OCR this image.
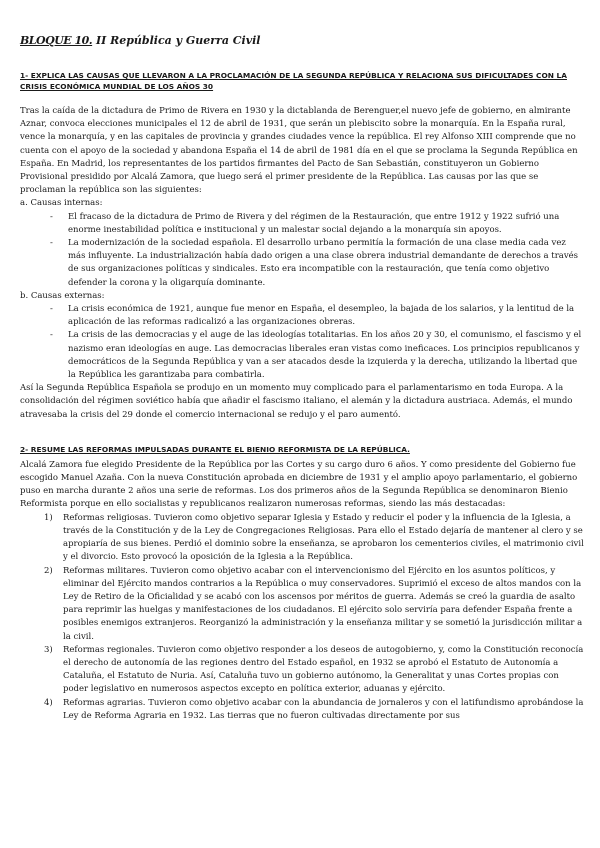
BLOQUE 10. II República y Guerra Civil
1- EXPLICA LAS CAUSAS QUE LLEVARON A LA PROCLAMACIÓN DE LA SEGUNDA REPÚBLICA Y RELACIONA SUS DIFICULTADES CON LA CRISIS ECONÓMICA MUNDIAL DE LOS AÑOS 30

Tras la caída de la dictadura de Primo de Rivera en 1930 y la dictablanda de Berenguer,el nuevo jefe de gobierno, en almirante Aznar, convoca elecciones municipales el 12 de abril de 1931, que serán un plebiscito sobre la monarquía. En la España rural, vence la monarquía, y en las capitales de provincia y grandes ciudades vence la república. El rey Alfonso XIII comprende que no cuenta con el apoyo de la sociedad y abandona España el 14 de abril de 1981 día en el que se proclama la Segunda República en España. En Madrid, los representantes de los partidos firmantes del Pacto de San Sebastián, constituyeron un Gobierno Provisional presidido por Alcalá Zamora, que luego será el primer presidente de la República. Las causas por las que se proclaman la república son las siguientes:

a. Causas internas:

- El fracaso de la dictadura de Primo de Rivera y del régimen de la Restauración, que entre 1912 y 1922 sufrió una enorme inestabilidad política e institucional y un malestar social dejando a la monarquía sin apoyos.
- La modernización de la sociedad española. El desarrollo urbano permitía la formación de una clase media cada vez más influyente. La industrialización había dado origen a una clase obrera industrial demandante de derechos a través de sus organizaciones políticas y sindicales. Esto era incompatible con la restauración, que tenía como objetivo defender la corona y la oligarquía dominante.

b. Causas externas:

- La crisis económica de 1921, aunque fue menor en España, el desempleo, la bajada de los salarios, y la lentitud de la aplicación de las reformas radicalizó a las organizaciones obreras.
- La crisis de las democracias y el auge de las ideologías totalitarias. En los años 20 y 30, el comunismo, el fascismo y el nazismo eran ideologías en auge. Las democracias liberales eran vistas como ineficaces. Los principios republicanos y democráticos de la Segunda República y van a ser atacados desde la izquierda y la derecha, utilizando la libertad que la República les garantizaba para combatirla.

Así la Segunda República Española se produjo en un momento muy complicado para el parlamentarismo en toda Europa. A la consolidación del régimen soviético había que añadir el fascismo italiano, el alemán y la dictadura austriaca. Además, el mundo atravesaba la crisis del 29 donde el comercio internacional se redujo y el paro aumentó.

2- RESUME LAS REFORMAS IMPULSADAS DURANTE EL BIENIO REFORMISTA DE LA REPÚBLICA.

Alcalá Zamora fue elegido Presidente de la República por las Cortes y su cargo duro 6 años. Y como presidente del Gobierno fue escogido Manuel Azaña. Con la nueva Constitución aprobada en diciembre de 1931 y el amplio apoyo parlamentario, el gobierno puso en marcha durante 2 años una serie de reformas. Los dos primeros años de la Segunda República se denominaron Bienio Reformista porque en ello socialistas y republicanos realizaron numerosas reformas, siendo las más destacadas:

1) Reformas religiosas. Tuvieron como objetivo separar Iglesia y Estado y reducir el poder y la influencia de la Iglesia, a través de la Constitución y de la Ley de Congregaciones Religiosas. Para ello el Estado dejaría de mantener al clero y se apropiaría de sus bienes. Perdió el dominio sobre la enseñanza, se aprobaron los cementerios civiles, el matrimonio civil y el divorcio. Esto provocó la oposición de la Iglesia a la República.
2) Reformas militares. Tuvieron como objetivo acabar con el intervencionismo del Ejército en los asuntos políticos, y eliminar del Ejército mandos contrarios a la República o muy conservadores. Suprimió el exceso de altos mandos con la Ley de Retiro de la Oficialidad y se acabó con los ascensos por méritos de guerra. Además se creó la guardia de asalto para reprimir las huelgas y manifestaciones de los ciudadanos. El ejército solo serviría para defender España frente a posibles enemigos extranjeros. Reorganizó la administración y la enseñanza militar y se sometió la jurisdicción militar a la civil.
3) Reformas regionales. Tuvieron como objetivo responder a los deseos de autogobierno, y, como la Constitución reconocía el derecho de autonomía de las regiones dentro del Estado español, en 1932 se aprobó el Estatuto de Autonomía a Cataluña, el Estatuto de Nuria. Así, Cataluña tuvo un gobierno autónomo, la Generalitat y unas Cortes propias con poder legislativo en numerosos aspectos excepto en política exterior, aduanas y ejército.
4) Reformas agrarias. Tuvieron como objetivo acabar con la abundancia de jornaleros y con el latifundismo aprobándose la Ley de Reforma Agraria en 1932. Las tierras que no fueron cultivadas directamente por sus
